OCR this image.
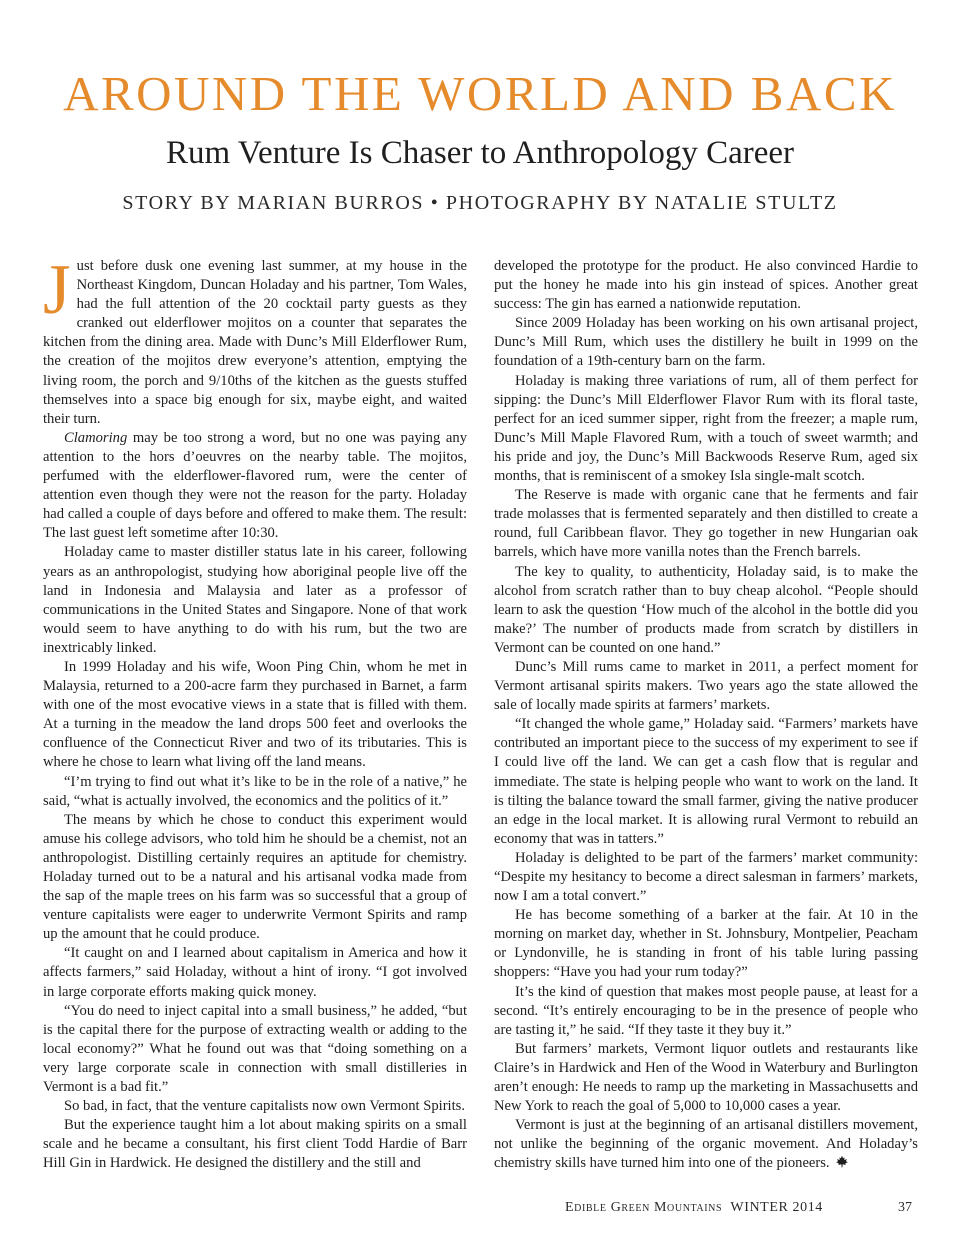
AROUND THE WORLD AND BACK
Rum Venture Is Chaser to Anthropology Career
STORY BY MARIAN BURROS • PHOTOGRAPHY BY NATALIE STULTZ

Just before dusk one evening last summer, at my house in the Northeast Kingdom, Duncan Holaday and his partner, Tom Wales, had the full attention of the 20 cocktail party guests as they cranked out elderflower mojitos on a counter that separates the kitchen from the dining area. Made with Dunc’s Mill Elderflower Rum, the creation of the mojitos drew everyone’s attention, emptying the living room, the porch and 9/10ths of the kitchen as the guests stuffed themselves into a space big enough for six, maybe eight, and waited their turn.

Clamoring may be too strong a word, but no one was paying any attention to the hors d’oeuvres on the nearby table. The mojitos, perfumed with the elderflower-flavored rum, were the center of attention even though they were not the reason for the party. Holaday had called a couple of days before and offered to make them. The result: The last guest left sometime after 10:30.

Holaday came to master distiller status late in his career, following years as an anthropologist, studying how aboriginal people live off the land in Indonesia and Malaysia and later as a professor of communications in the United States and Singapore. None of that work would seem to have anything to do with his rum, but the two are inextricably linked.

In 1999 Holaday and his wife, Woon Ping Chin, whom he met in Malaysia, returned to a 200-acre farm they purchased in Barnet, a farm with one of the most evocative views in a state that is filled with them. At a turning in the meadow the land drops 500 feet and overlooks the confluence of the Connecticut River and two of its tributaries. This is where he chose to learn what living off the land means.

“I’m trying to find out what it’s like to be in the role of a native,” he said, “what is actually involved, the economics and the politics of it.”

The means by which he chose to conduct this experiment would amuse his college advisors, who told him he should be a chemist, not an anthropologist. Distilling certainly requires an aptitude for chemistry. Holaday turned out to be a natural and his artisanal vodka made from the sap of the maple trees on his farm was so successful that a group of venture capitalists were eager to underwrite Vermont Spirits and ramp up the amount that he could produce.

“It caught on and I learned about capitalism in America and how it affects farmers,” said Holaday, without a hint of irony. “I got involved in large corporate efforts making quick money.

“You do need to inject capital into a small business,” he added, “but is the capital there for the purpose of extracting wealth or adding to the local economy?” What he found out was that “doing something on a very large corporate scale in connection with small distilleries in Vermont is a bad fit.”

So bad, in fact, that the venture capitalists now own Vermont Spirits.

But the experience taught him a lot about making spirits on a small scale and he became a consultant, his first client Todd Hardie of Barr Hill Gin in Hardwick. He designed the distillery and the still and

developed the prototype for the product. He also convinced Hardie to put the honey he made into his gin instead of spices. Another great success: The gin has earned a nationwide reputation.

Since 2009 Holaday has been working on his own artisanal project, Dunc’s Mill Rum, which uses the distillery he built in 1999 on the foundation of a 19th-century barn on the farm.

Holaday is making three variations of rum, all of them perfect for sipping: the Dunc’s Mill Elderflower Flavor Rum with its floral taste, perfect for an iced summer sipper, right from the freezer; a maple rum, Dunc’s Mill Maple Flavored Rum, with a touch of sweet warmth; and his pride and joy, the Dunc’s Mill Backwoods Reserve Rum, aged six months, that is reminiscent of a smokey Isla single-malt scotch.

The Reserve is made with organic cane that he ferments and fair trade molasses that is fermented separately and then distilled to create a round, full Caribbean flavor. They go together in new Hungarian oak barrels, which have more vanilla notes than the French barrels.

The key to quality, to authenticity, Holaday said, is to make the alcohol from scratch rather than to buy cheap alcohol. “People should learn to ask the question ‘How much of the alcohol in the bottle did you make?’ The number of products made from scratch by distillers in Vermont can be counted on one hand.”

Dunc’s Mill rums came to market in 2011, a perfect moment for Vermont artisanal spirits makers. Two years ago the state allowed the sale of locally made spirits at farmers’ markets.

“It changed the whole game,” Holaday said. “Farmers’ markets have contributed an important piece to the success of my experiment to see if I could live off the land. We can get a cash flow that is regular and immediate. The state is helping people who want to work on the land. It is tilting the balance toward the small farmer, giving the native producer an edge in the local market. It is allowing rural Vermont to rebuild an economy that was in tatters.”

Holaday is delighted to be part of the farmers’ market community: “Despite my hesitancy to become a direct salesman in farmers’ markets, now I am a total convert.”

He has become something of a barker at the fair. At 10 in the morning on market day, whether in St. Johnsbury, Montpelier, Peacham or Lyndonville, he is standing in front of his table luring passing shoppers: “Have you had your rum today?”

It’s the kind of question that makes most people pause, at least for a second. “It’s entirely encouraging to be in the presence of people who are tasting it,” he said. “If they taste it they buy it.”

But farmers’ markets, Vermont liquor outlets and restaurants like Claire’s in Hardwick and Hen of the Wood in Waterbury and Burlington aren’t enough: He needs to ramp up the marketing in Massachusetts and New York to reach the goal of 5,000 to 10,000 cases a year.

Vermont is just at the beginning of an artisanal distillers movement, not unlike the beginning of the organic movement. And Holaday’s chemistry skills have turned him into one of the pioneers.

Edible Green Mountains WINTER 2014	37
